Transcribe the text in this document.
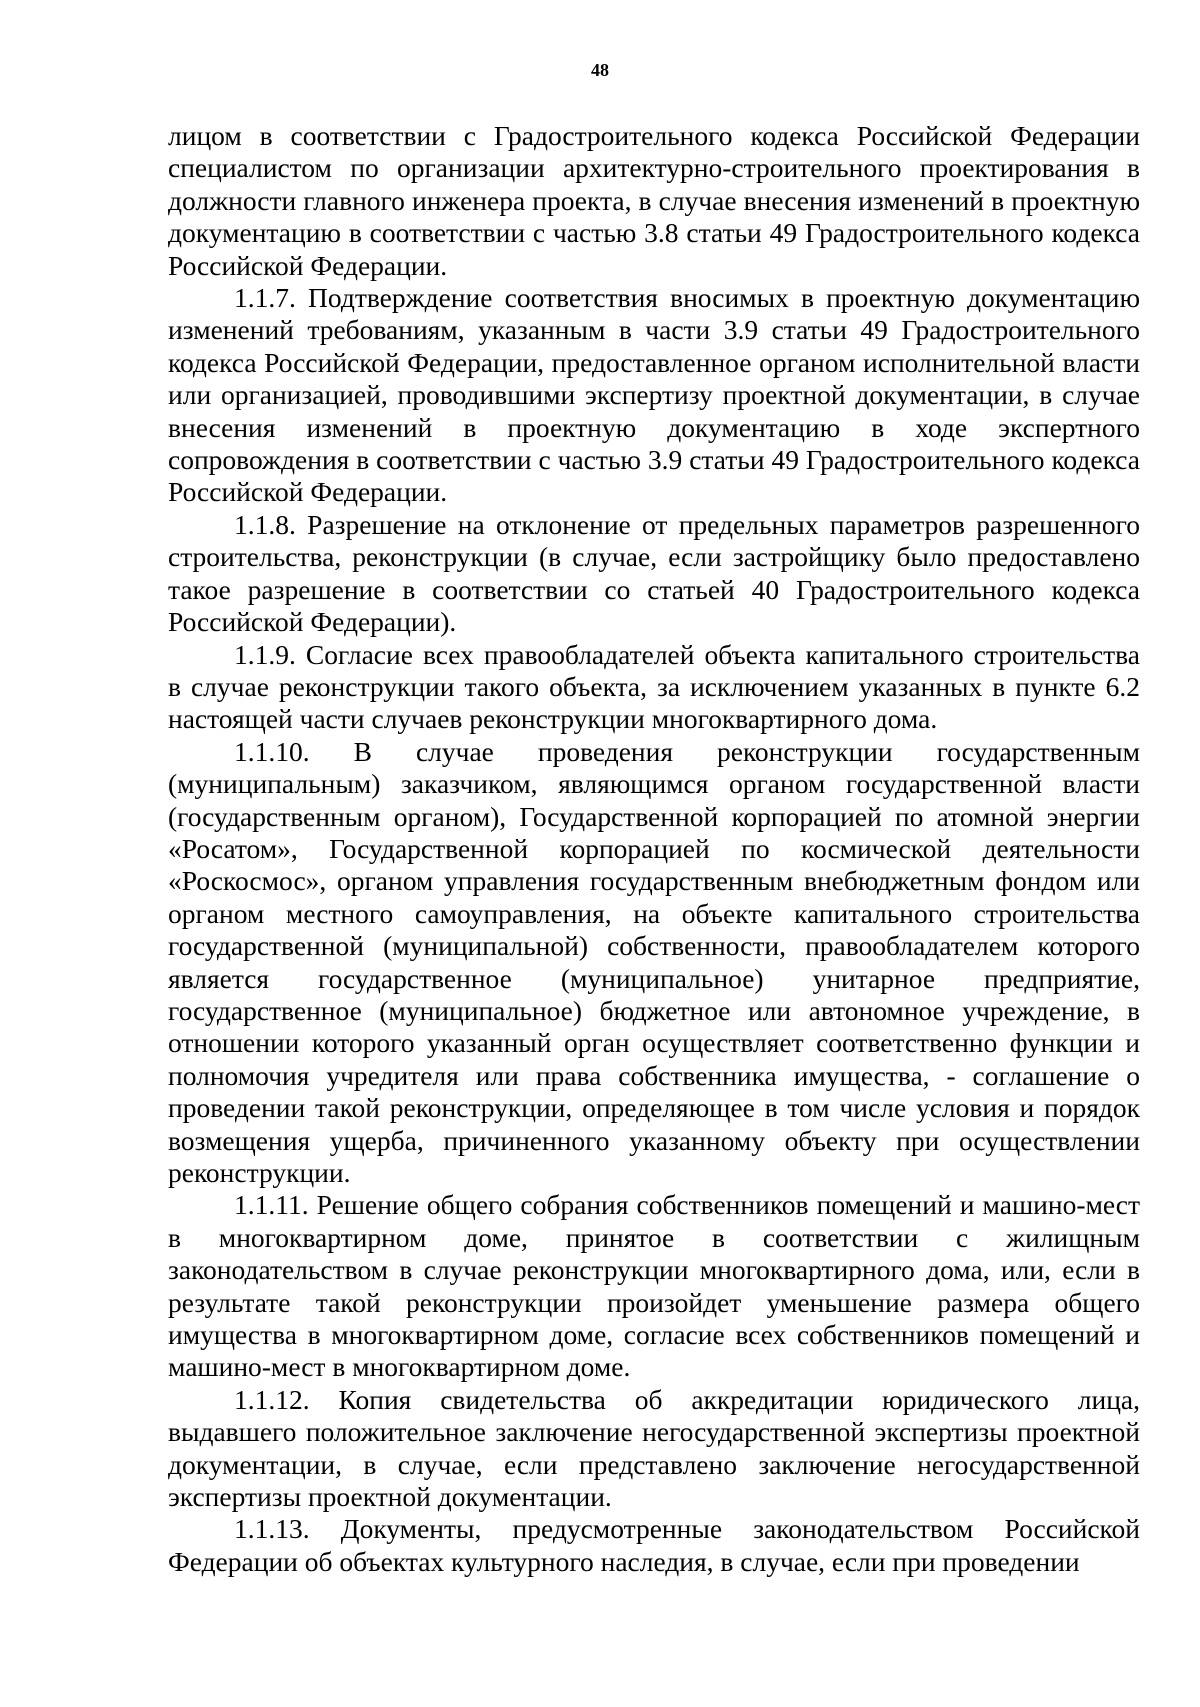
48

лицом в соответствии с Градостроительного кодекса Российской Федерации специалистом по организации архитектурно-строительного проектирования в должности главного инженера проекта, в случае внесения изменений в проектную документацию в соответствии с частью 3.8 статьи 49 Градостроительного кодекса Российской Федерации.

1.1.7. Подтверждение соответствия вносимых в проектную документацию изменений требованиям, указанным в части 3.9 статьи 49 Градостроительного кодекса Российской Федерации, предоставленное органом исполнительной власти или организацией, проводившими экспертизу проектной документации, в случае внесения изменений в проектную документацию в ходе экспертного сопровождения в соответствии с частью 3.9 статьи 49 Градостроительного кодекса Российской Федерации.

1.1.8. Разрешение на отклонение от предельных параметров разрешенного строительства, реконструкции (в случае, если застройщику было предоставлено такое разрешение в соответствии со статьей 40 Градостроительного кодекса Российской Федерации).

1.1.9. Согласие всех правообладателей объекта капитального строительства в случае реконструкции такого объекта, за исключением указанных в пункте 6.2 настоящей части случаев реконструкции многоквартирного дома.

1.1.10. В случае проведения реконструкции государственным (муниципальным) заказчиком, являющимся органом государственной власти (государственным органом), Государственной корпорацией по атомной энергии «Росатом», Государственной корпорацией по космической деятельности «Роскосмос», органом управления государственным внебюджетным фондом или органом местного самоуправления, на объекте капитального строительства государственной (муниципальной) собственности, правообладателем которого является государственное (муниципальное) унитарное предприятие, государственное (муниципальное) бюджетное или автономное учреждение, в отношении которого указанный орган осуществляет соответственно функции и полномочия учредителя или права собственника имущества, - соглашение о проведении такой реконструкции, определяющее в том числе условия и порядок возмещения ущерба, причиненного указанному объекту при осуществлении реконструкции.

1.1.11. Решение общего собрания собственников помещений и машино-мест в многоквартирном доме, принятое в соответствии с жилищным законодательством в случае реконструкции многоквартирного дома, или, если в результате такой реконструкции произойдет уменьшение размера общего имущества в многоквартирном доме, согласие всех собственников помещений и машино-мест в многоквартирном доме.

1.1.12. Копия свидетельства об аккредитации юридического лица, выдавшего положительное заключение негосударственной экспертизы проектной документации, в случае, если представлено заключение негосударственной экспертизы проектной документации.

1.1.13. Документы, предусмотренные законодательством Российской Федерации об объектах культурного наследия, в случае, если при проведении
